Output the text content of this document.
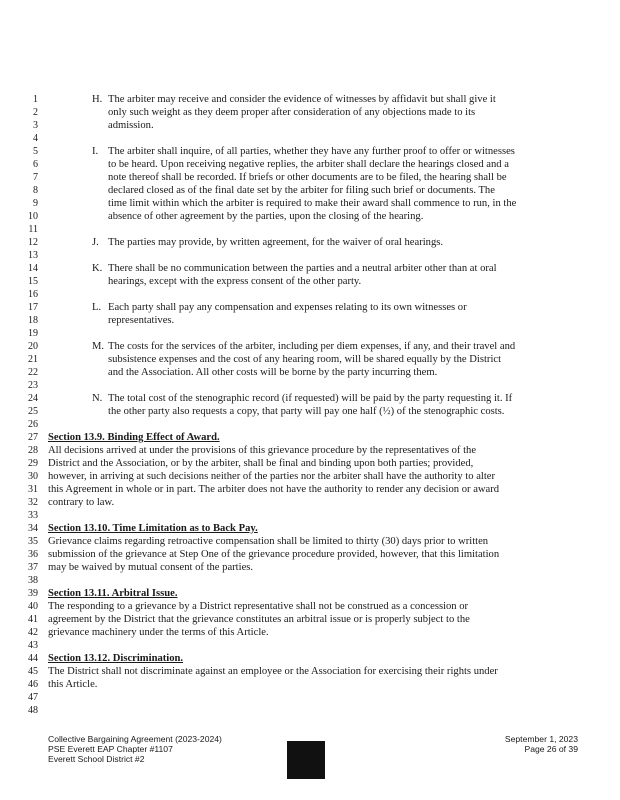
1
2
3
4
5
6
7
8
9
10
11
12
13
14
15
16
17
18
19
20
21
22
23
24
25
26
27
28
29
30
31
32
33
34
35
36
37
38
39
40
41
42
43
44
45
46
47
48
H. The arbiter may receive and consider the evidence of witnesses by affidavit but shall give it
only such weight as they deem proper after consideration of any objections made to its
admission.
I. The arbiter shall inquire, of all parties, whether they have any further proof to offer or witnesses
to be heard. Upon receiving negative replies, the arbiter shall declare the hearings closed and a
note thereof shall be recorded. If briefs or other documents are to be filed, the hearing shall be
declared closed as of the final date set by the arbiter for filing such brief or documents. The
time limit within which the arbiter is required to make their award shall commence to run, in the
absence of other agreement by the parties, upon the closing of the hearing.
J. The parties may provide, by written agreement, for the waiver of oral hearings.
K. There shall be no communication between the parties and a neutral arbiter other than at oral
hearings, except with the express consent of the other party.
L. Each party shall pay any compensation and expenses relating to its own witnesses or
representatives.
M. The costs for the services of the arbiter, including per diem expenses, if any, and their travel and
subsistence expenses and the cost of any hearing room, will be shared equally by the District
and the Association. All other costs will be borne by the party incurring them.
N. The total cost of the stenographic record (if requested) will be paid by the party requesting it. If
the other party also requests a copy, that party will pay one half (½) of the stenographic costs.
Section 13.9. Binding Effect of Award.
All decisions arrived at under the provisions of this grievance procedure by the representatives of the
District and the Association, or by the arbiter, shall be final and binding upon both parties; provided,
however, in arriving at such decisions neither of the parties nor the arbiter shall have the authority to alter
this Agreement in whole or in part. The arbiter does not have the authority to render any decision or award
contrary to law.
Section 13.10. Time Limitation as to Back Pay.
Grievance claims regarding retroactive compensation shall be limited to thirty (30) days prior to written
submission of the grievance at Step One of the grievance procedure provided, however, that this limitation
may be waived by mutual consent of the parties.
Section 13.11. Arbitral Issue.
The responding to a grievance by a District representative shall not be construed as a concession or
agreement by the District that the grievance constitutes an arbitral issue or is properly subject to the
grievance machinery under the terms of this Article.
Section 13.12. Discrimination.
The District shall not discriminate against an employee or the Association for exercising their rights under
this Article.
Collective Bargaining Agreement (2023-2024)
PSE Everett EAP Chapter #1107
Everett School District #2
September 1, 2023
Page 26 of 39
